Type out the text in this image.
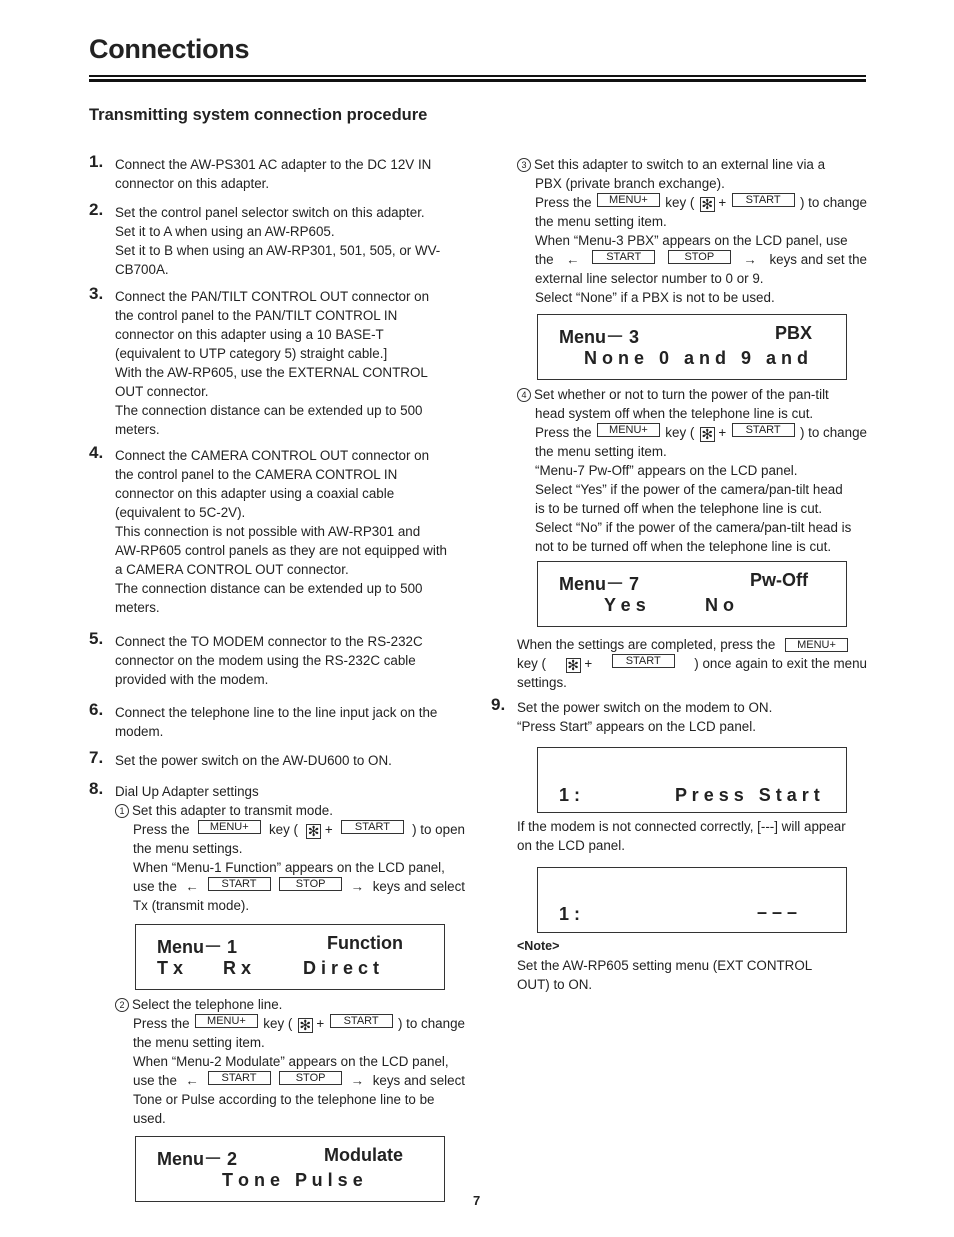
Connections
Transmitting system connection procedure
1. Connect the AW-PS301 AC adapter to the DC 12V IN
connector on this adapter.
2. Set the control panel selector switch on this adapter.
Set it to A when using an AW-RP605.
Set it to B when using an AW-RP301, 501, 505, or WV-
CB700A.
3. Connect the PAN/TILT CONTROL OUT connector on
the control panel to the PAN/TILT CONTROL IN
connector on this adapter using a 10 BASE-T
(equivalent to UTP category 5) straight cable.]
With the AW-RP605, use the EXTERNAL CONTROL
OUT connector.
The connection distance can be extended up to 500
meters.
4. Connect the CAMERA CONTROL OUT connector on
the control panel to the CAMERA CONTROL IN
connector on this adapter using a coaxial cable
(equivalent to 5C-2V).
This connection is not possible with AW-RP301 and
AW-RP605 control panels as they are not equipped with
a CAMERA CONTROL OUT connector.
The connection distance can be extended up to 500
meters.
5. Connect the TO MODEM connector to the RS-232C
connector on the modem using the RS-232C cable
provided with the modem.
6. Connect the telephone line to the line input jack on the
modem.
7. Set the power switch on the AW-DU600 to ON.
8. Dial Up Adapter settings
1 Set this adapter to transmit mode.
Press the	MENU+	key ( ✻ +	START	) to open
the menu settings.
When “Menu-1 Function” appears on the LCD panel,
use the ←	START	STOP	→ keys and select
Tx (transmit mode).
Menu－ 1	Function
T x R x	D i r e c t
2 Select the telephone line.
Press the	MENU+	key ( ✻ +	START	) to change
the menu setting item.
When “Menu-2 Modulate” appears on the LCD panel,
use the ←	START	STOP	→ keys and select
Tone or Pulse according to the telephone line to be
used.
Menu－ 2	Modulate
T o n e   P u l s e
3 Set this adapter to switch to an external line via a
PBX (private branch exchange).
Press the	MENU+	key ( ✻ +	START	) to change
the menu setting item.
When “Menu-3 PBX” appears on the LCD panel, use
the ←	START	STOP	→ keys and set the
external line selector number to 0 or 9.
Select “None” if a PBX is not to be used.
Menu－ 3	PBX
N o n e   0   a n d   9   a n d
4 Set whether or not to turn the power of the pan-tilt
head system off when the telephone line is cut.
Press the	MENU+	key ( ✻ +	START	) to change
the menu setting item.
“Menu-7 Pw-Off” appears on the LCD panel.
Select “Yes” if the power of the camera/pan-tilt head
is to be turned off when the telephone line is cut.
Select “No” if the power of the camera/pan-tilt head is
not to be turned off when the telephone line is cut.
Menu－ 7	Pw-Off
Y e s	N o
When the settings are completed, press the MENU+
key ( ✻ +	START	) once again to exit the menu
settings.
9. Set the power switch on the modem to ON.
“Press Start” appears on the LCD panel.
1 :	P r e s s   S t a r t
If the modem is not connected correctly, [---] will appear
on the LCD panel.
1 :	– – –
<Note>
Set the AW-RP605 setting menu (EXT CONTROL
OUT) to ON.
7
